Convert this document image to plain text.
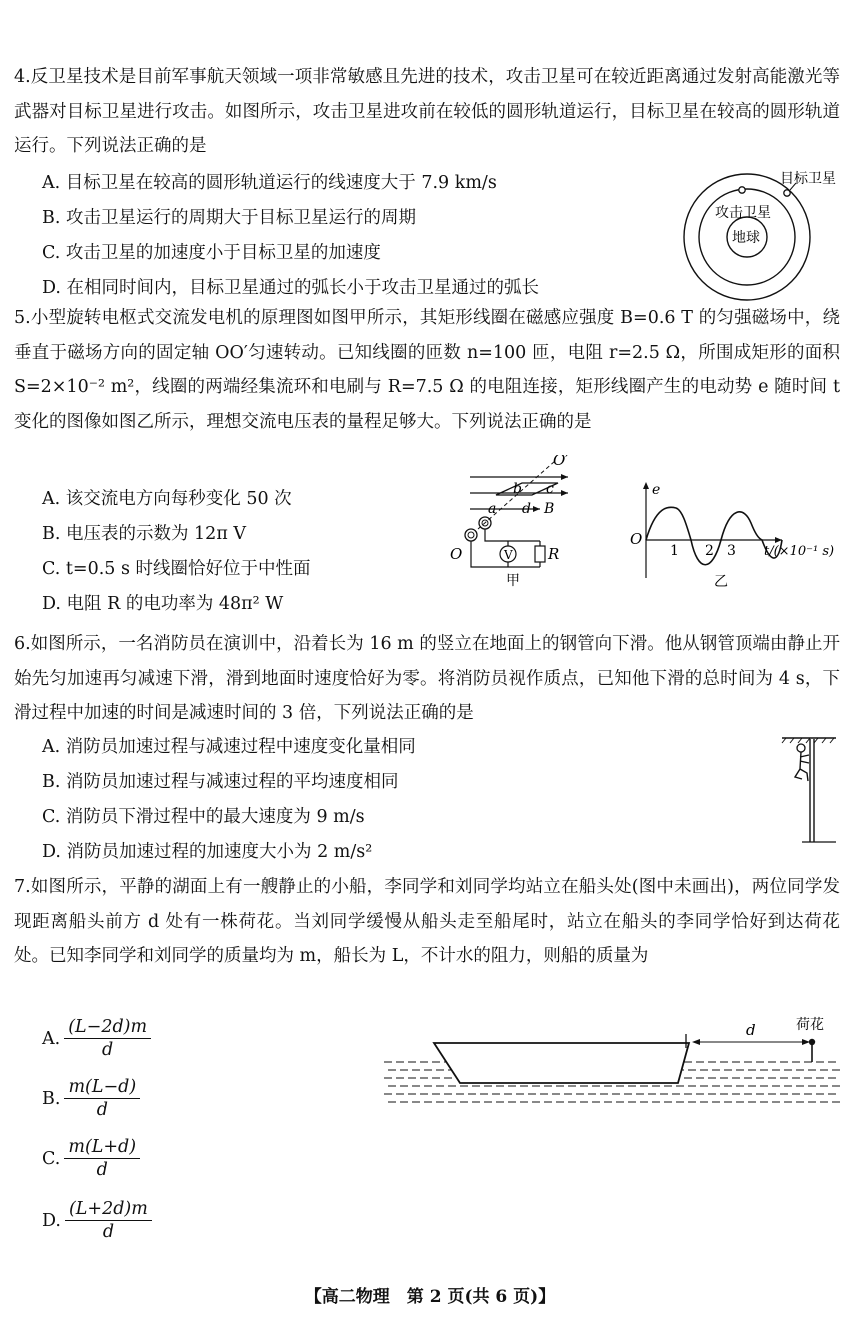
4.反卫星技术是目前军事航天领域一项非常敏感且先进的技术，攻击卫星可在较近距离通过发射高能激光等武器对目标卫星进行攻击。如图所示，攻击卫星进攻前在较低的圆形轨道运行，目标卫星在较高的圆形轨道运行。下列说法正确的是
A. 目标卫星在较高的圆形轨道运行的线速度大于 7.9 km/s
B. 攻击卫星运行的周期大于目标卫星运行的周期
C. 攻击卫星的加速度小于目标卫星的加速度
D. 在相同时间内，目标卫星通过的弧长小于攻击卫星通过的弧长
目标卫星
攻击卫星
地球
5.小型旋转电枢式交流发电机的原理图如图甲所示，其矩形线圈在磁感应强度 B=0.6 T 的匀强磁场中，绕垂直于磁场方向的固定轴 OO′匀速转动。已知线圈的匝数 n=100 匝，电阻 r=2.5 Ω，所围成矩形的面积 S=2×10⁻² m²，线圈的两端经集流环和电刷与 R=7.5 Ω 的电阻连接，矩形线圈产生的电动势 e 随时间 t 变化的图像如图乙所示，理想交流电压表的量程足够大。下列说法正确的是
A. 该交流电方向每秒变化 50 次
B. 电压表的示数为 12π V
C. t=0.5 s 时线圈恰好位于中性面
D. 电阻 R 的电功率为 48π² W
V R
O′
O
b c
a d B
甲
e
O
1 2 3 t/(×10⁻¹ s)
乙
6.如图所示，一名消防员在演训中，沿着长为 16 m 的竖立在地面上的钢管向下滑。他从钢管顶端由静止开始先匀加速再匀减速下滑，滑到地面时速度恰好为零。将消防员视作质点，已知他下滑的总时间为 4 s，下滑过程中加速的时间是减速时间的 3 倍，下列说法正确的是
A. 消防员加速过程与减速过程中速度变化量相同
B. 消防员加速过程与减速过程的平均速度相同
C. 消防员下滑过程中的最大速度为 9 m/s
D. 消防员加速过程的加速度大小为 2 m/s²
7.如图所示，平静的湖面上有一艘静止的小船，李同学和刘同学均站立在船头处(图中未画出)，两位同学发现距离船头前方 d 处有一株荷花。当刘同学缓慢从船头走至船尾时，站立在船头的李同学恰好到达荷花处。已知李同学和刘同学的质量均为 m，船长为 L，不计水的阻力，则船的质量为
A. $\frac{(L-2d)m}{d}$
B. $\frac{m(L-d)}{d}$
C. $\frac{m(L+d)}{d}$
D. $\frac{(L+2d)m}{d}$
d	荷花
【高二物理　第 2 页(共 6 页)】
